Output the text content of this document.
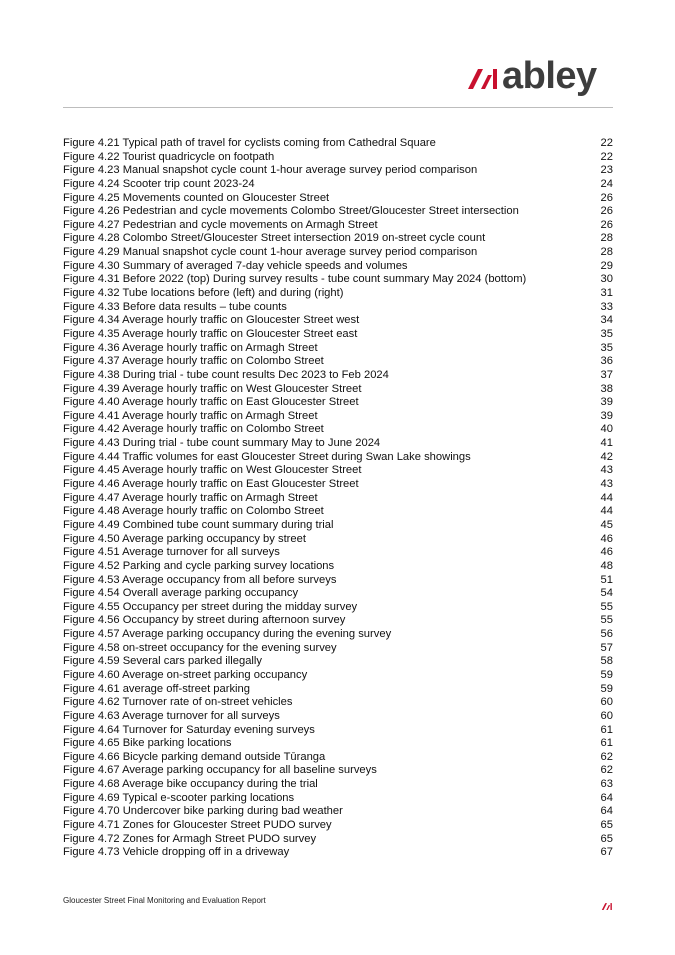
abley
Figure 4.21 Typical path of travel for cyclists coming from Cathedral Square	22
Figure 4.22 Tourist quadricycle on footpath	22
Figure 4.23 Manual snapshot cycle count 1-hour average survey period comparison	23
Figure 4.24 Scooter trip count 2023-24	24
Figure 4.25 Movements counted on Gloucester Street	26
Figure 4.26 Pedestrian and cycle movements Colombo Street/Gloucester Street intersection	26
Figure 4.27 Pedestrian and cycle movements on Armagh Street	26
Figure 4.28 Colombo Street/Gloucester Street intersection 2019 on-street cycle count	28
Figure 4.29 Manual snapshot cycle count 1-hour average survey period comparison	28
Figure 4.30 Summary of averaged 7-day vehicle speeds and volumes	29
Figure 4.31 Before 2022 (top) During survey results - tube count summary May 2024 (bottom)	30
Figure 4.32 Tube locations before (left) and during (right)	31
Figure 4.33 Before data results – tube counts	33
Figure 4.34 Average hourly traffic on Gloucester Street west	34
Figure 4.35 Average hourly traffic on Gloucester Street east	35
Figure 4.36 Average hourly traffic on Armagh Street	35
Figure 4.37 Average hourly traffic on Colombo Street	36
Figure 4.38 During trial - tube count results Dec 2023 to Feb 2024	37
Figure 4.39 Average hourly traffic on West Gloucester Street	38
Figure 4.40 Average hourly traffic on East Gloucester Street	39
Figure 4.41 Average hourly traffic on Armagh Street	39
Figure 4.42 Average hourly traffic on Colombo Street	40
Figure 4.43 During trial - tube count summary May to June 2024	41
Figure 4.44 Traffic volumes for east Gloucester Street during Swan Lake showings	42
Figure 4.45 Average hourly traffic on West Gloucester Street	43
Figure 4.46 Average hourly traffic on East Gloucester Street	43
Figure 4.47 Average hourly traffic on Armagh Street	44
Figure 4.48 Average hourly traffic on Colombo Street	44
Figure 4.49 Combined tube count summary during trial	45
Figure 4.50 Average parking occupancy by street	46
Figure 4.51 Average turnover for all surveys	46
Figure 4.52 Parking and cycle parking survey locations	48
Figure 4.53 Average occupancy from all before surveys	51
Figure 4.54 Overall average parking occupancy	54
Figure 4.55 Occupancy per street during the midday survey	55
Figure 4.56 Occupancy by street during afternoon survey	55
Figure 4.57 Average parking occupancy during the evening survey	56
Figure 4.58 on-street occupancy for the evening survey	57
Figure 4.59 Several cars parked illegally	58
Figure 4.60 Average on-street parking occupancy	59
Figure 4.61 average off-street parking	59
Figure 4.62 Turnover rate of on-street vehicles	60
Figure 4.63 Average turnover for all surveys	60
Figure 4.64 Turnover for Saturday evening surveys	61
Figure 4.65 Bike parking locations	61
Figure 4.66 Bicycle parking demand outside Tūranga	62
Figure 4.67 Average parking occupancy for all baseline surveys	62
Figure 4.68 Average bike occupancy during the trial	63
Figure 4.69 Typical e-scooter parking locations	64
Figure 4.70 Undercover bike parking during bad weather	64
Figure 4.71 Zones for Gloucester Street PUDO survey	65
Figure 4.72 Zones for Armagh Street PUDO survey	65
Figure 4.73 Vehicle dropping off in a driveway	67
Gloucester Street Final Monitoring and Evaluation Report
